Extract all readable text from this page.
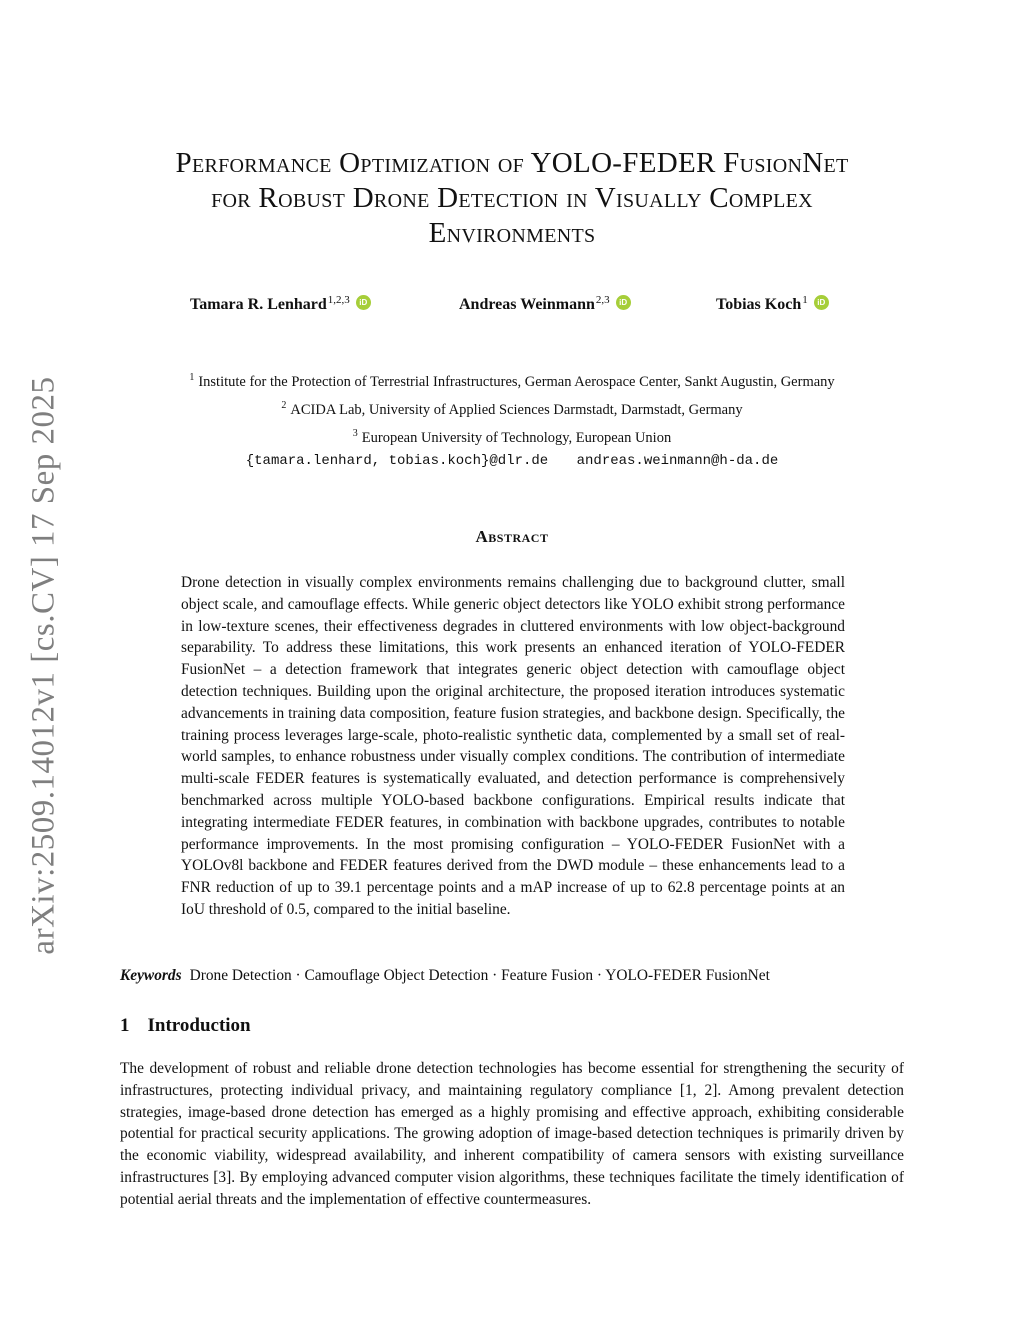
arXiv:2509.14012v1 [cs.CV] 17 Sep 2025
Performance Optimization of YOLO-FEDER FusionNet
for Robust Drone Detection in Visually Complex
Environments
Tamara R. Lenhard$^{1,2,3}$	iD	Andreas Weinmann$^{2,3}$	iD	Tobias Koch$^1$	iD
$^1$ Institute for the Protection of Terrestrial Infrastructures, German Aerospace Center, Sankt Augustin, Germany
$^2$ ACIDA Lab, University of Applied Sciences Darmstadt, Darmstadt, Germany
$^3$ European University of Technology, European Union
{tamara.lenhard, tobias.koch}@dlr.de andreas.weinmann@h-da.de
Abstract
Drone detection in visually complex environments remains challenging due to background clutter, small object scale, and camouflage effects. While generic object detectors like YOLO exhibit strong performance in low-texture scenes, their effectiveness degrades in cluttered environments with low object-background separability. To address these limitations, this work presents an enhanced iteration of YOLO-FEDER FusionNet – a detection framework that integrates generic object detection with camouflage object detection techniques. Building upon the original architecture, the proposed iteration introduces systematic advancements in training data composition, feature fusion strategies, and backbone design. Specifically, the training process leverages large-scale, photo-realistic synthetic data, complemented by a small set of real-world samples, to enhance robustness under visually complex conditions. The contribution of intermediate multi-scale FEDER features is systematically evaluated, and detection performance is comprehensively benchmarked across multiple YOLO-based backbone configurations. Empirical results indicate that integrating intermediate FEDER features, in combination with backbone upgrades, contributes to notable performance improvements. In the most promising configuration – YOLO-FEDER FusionNet with a YOLOv8l backbone and FEDER features derived from the DWD module – these enhancements lead to a FNR reduction of up to 39.1 percentage points and a mAP increase of up to 62.8 percentage points at an IoU threshold of 0.5, compared to the initial baseline.
Keywords Drone Detection · Camouflage Object Detection · Feature Fusion · YOLO-FEDER FusionNet
1 Introduction
The development of robust and reliable drone detection technologies has become essential for strengthening the security of infrastructures, protecting individual privacy, and maintaining regulatory compliance [1, 2]. Among prevalent detection strategies, image-based drone detection has emerged as a highly promising and effective approach, exhibiting considerable potential for practical security applications. The growing adoption of image-based detection techniques is primarily driven by the economic viability, widespread availability, and inherent compatibility of camera sensors with existing surveillance infrastructures [3]. By employing advanced computer vision algorithms, these techniques facilitate the timely identification of potential aerial threats and the implementation of effective countermeasures.
